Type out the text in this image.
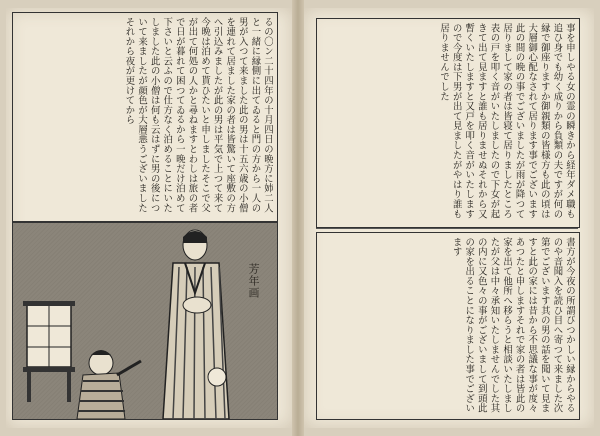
るの〇ン二十四年の十月四日の晩方に姉二人と一緒に縁側に出てゐると門の方から一人の男が入つて来ました此の男は十五六歳の小僧を連れて居ました家の者は皆驚いて座敷の方へ引込みましたが此の男は平気で上つて来て今晩は泊めて貰ひたいと申しましたそこで父が出て何処の人かと尋ねますとわしは旅の者で日が暮れて困つてゐるから一晩だけ泊めて下さいと云ふので仕方なく泊めることにいたしました此の小僧は何も云はずに男の後について来ましたが顔色が大層悪うございましたそれから夜が更けてから
芳年画
事を申しやる女の霊の瞬きから経年ダメ職も追ひ身でも幼く成りから負類の夫ですが何の縁で御座りますか御親類の皆様方も此の頃は大層御心配なされて居ります事でございます此の間の晩の事でございましたが雨が降つて居りまして家の者は皆寝て居りましたところ表の戸を叩く音がいたしましたので下女が起きて出て見ますと誰も居りませぬそれから又暫くいたしますと又戸を叩く音がいたしますので今度は下男が出て見ましたがやはり誰も居りませんでした
書方が今夜の所謂びつかしい縁からやるのや音聞入を読ひ目へ寄つて来ました次第でございます其の男の話を聞いて見ますと此の家には昔から不思議な事が度々あつたと申しますそれで家の者は皆此の家を出て他所へ移らうと相談いたしましたが父は中々承知いたしませんでした其の内に又色々の事がございまして到頭此の家を出ることになりました事でございます
